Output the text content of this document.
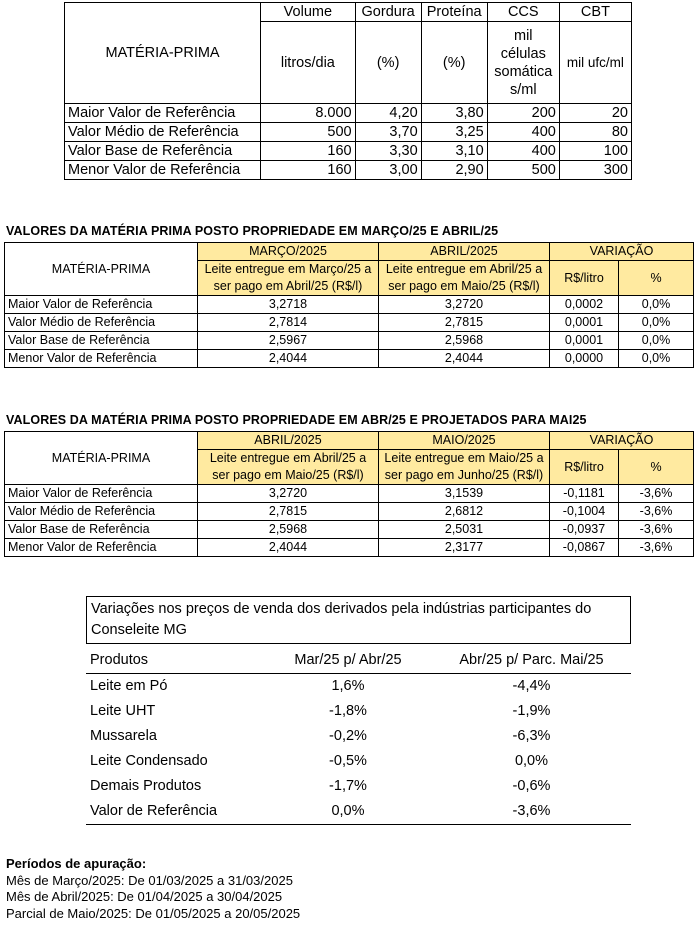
MATÉRIA-PRIMA	Volume	Gordura	Proteína	CCS	CBT
	litros/dia	(%)	(%)	mil células somática s/ml	mil ufc/ml
Maior Valor de Referência	8.000	4,20	3,80	200	20
Valor Médio de Referência	500	3,70	3,25	400	80
Valor Base de Referência	160	3,30	3,10	400	100
Menor Valor de Referência	160	3,00	2,90	500	300
VALORES DA MATÉRIA PRIMA POSTO PROPRIEDADE EM MARÇO/25 E ABRIL/25
MATÉRIA-PRIMA	MARÇO/2025	ABRIL/2025	VARIAÇÃO	
	Leite entregue em Março/25 a ser pago em Abril/25 (R$/l)	Leite entregue em Abril/25 a ser pago em Maio/25 (R$/l)	R$/litro	%
Maior Valor de Referência	3,2718	3,2720	0,0002	0,0%
Valor Médio de Referência	2,7814	2,7815	0,0001	0,0%
Valor Base de Referência	2,5967	2,5968	0,0001	0,0%
Menor Valor de Referência	2,4044	2,4044	0,0000	0,0%
VALORES DA MATÉRIA PRIMA POSTO PROPRIEDADE EM ABR/25 E PROJETADOS PARA MAI25
MATÉRIA-PRIMA	ABRIL/2025	MAIO/2025	VARIAÇÃO	
	Leite entregue em Abril/25 a ser pago em Maio/25 (R$/l)	Leite entregue em Maio/25 a ser pago em Junho/25 (R$/l)	R$/litro	%
Maior Valor de Referência	3,2720	3,1539	-0,1181	-3,6%
Valor Médio de Referência	2,7815	2,6812	-0,1004	-3,6%
Valor Base de Referência	2,5968	2,5031	-0,0937	-3,6%
Menor Valor de Referência	2,4044	2,3177	-0,0867	-3,6%
Variações nos preços de venda dos derivados pela indústrias participantes do Conseleite MG
Produtos	Mar/25 p/ Abr/25	Abr/25 p/ Parc. Mai/25
Leite em Pó	1,6%	-4,4%
Leite UHT	-1,8%	-1,9%
Mussarela	-0,2%	-6,3%
Leite Condensado	-0,5%	0,0%
Demais Produtos	-1,7%	-0,6%
Valor de Referência	0,0%	-3,6%
Períodos de apuração:
Mês de Março/2025: De 01/03/2025 a 31/03/2025
Mês de Abril/2025: De 01/04/2025 a 30/04/2025
Parcial de Maio/2025: De 01/05/2025 a 20/05/2025
